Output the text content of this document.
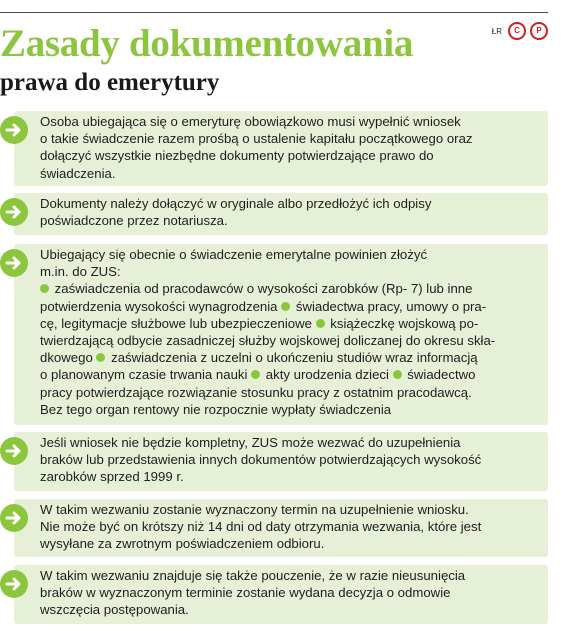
ŁR	C	P
Zasady dokumentowania
prawa do emerytury

Osoba ubiegająca się o emeryturę obowiązkowo musi wypełnić wniosek

o takie świadczenie razem prośbą o ustalenie kapitału początkowego oraz

dołączyć wszystkie niezbędne dokumenty potwierdzające prawo do

świadczenia.

Dokumenty należy dołączyć w oryginale albo przedłożyć ich odpisy

poświadczone przez notariusza.

Ubiegający się obecnie o świadczenie emerytalne powinien złożyć

m.in. do ZUS:

zaświadczenia od pracodawców o wysokości zarobków (Rp- 7) lub inne

potwierdzenia wysokości wynagrodzenia  świadectwa pracy, umowy o pra-

cę, legitymacje służbowe lub ubezpieczeniowe  książeczkę wojskową po-

twierdzającą odbycie zasadniczej służby wojskowej doliczanej do okresu skła-

dkowego  zaświadczenia z uczelni o ukończeniu studiów wraz informacją

o planowanym czasie trwania nauki  akty urodzenia dzieci  świadectwo

pracy potwierdzające rozwiązanie stosunku pracy z ostatnim pracodawcą.

Bez tego organ rentowy nie rozpocznie wypłaty świadczenia

Jeśli wniosek nie będzie kompletny, ZUS może wezwać do uzupełnienia

braków lub przedstawienia innych dokumentów potwierdzających wysokość

zarobków sprzed 1999 r.

W takim wezwaniu zostanie wyznaczony termin na uzupełnienie wniosku.

Nie może być on krótszy niż 14 dni od daty otrzymania wezwania, które jest

wysyłane za zwrotnym poświadczeniem odbioru.

W takim wezwaniu znajduje się także pouczenie, że w razie nieusunięcia

braków w wyznaczonym terminie zostanie wydana decyzja o odmowie

wszczęcia postępowania.
